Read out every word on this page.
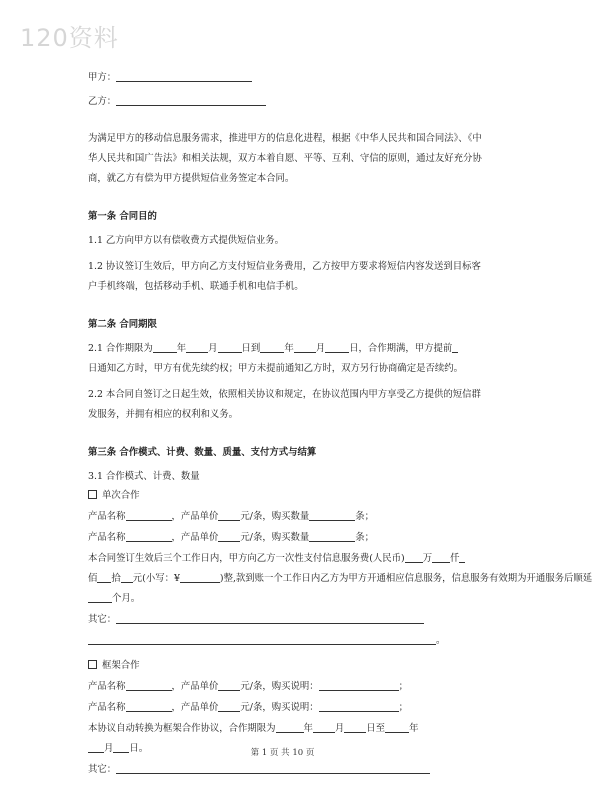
120资料
甲方：
乙方：
为满足甲方的移动信息服务需求，推进甲方的信息化进程，根据《中华人民共和国合同法》、《中华人民共和国广告法》和相关法规，双方本着自愿、平等、互利、守信的原则，通过友好充分协商，就乙方有偿为甲方提供短信业务签定本合同。
第一条 合同目的
1.1 乙方向甲方以有偿收费方式提供短信业务。
1.2 协议签订生效后，甲方向乙方支付短信业务费用，乙方按甲方要求将短信内容发送到目标客户手机终端，包括移动手机、联通手机和电信手机。
第二条 合同期限
2.1 合作期限为	年 月	日到	年 月	日，合作期满，甲方提前
日通知乙方时，甲方有优先续约权；甲方未提前通知乙方时，双方另行协商确定是否续约。
2.2 本合同自签订之日起生效，依照相关协议和规定，在协议范围内甲方享受乙方提供的短信群发服务，并拥有相应的权利和义务。
第三条 合作模式、计费、数量、质量、支付方式与结算
3.1 合作模式、计费、数量
单次合作
产品名称	，产品单价 元/条，购买数量	条；
产品名称	，产品单价 元/条，购买数量	条；
本合同签订生效后三个工作日内，甲方向乙方一次性支付信息服务费(人民币) 万 仟
佰 拾 元(小写：¥	)整,款到账一个工作日内乙方为甲方开通相应信息服务，信息服务有效期为开通服务后顺延
个月。
其它：
。
框架合作
产品名称	，产品单价 元/条，购买说明：	；
产品名称	，产品单价 元/条，购买说明：	；
本协议自动转换为框架合作协议，合作期限为	年 月 日至	年
月 日。
其它：
第 1 页 共 10 页
